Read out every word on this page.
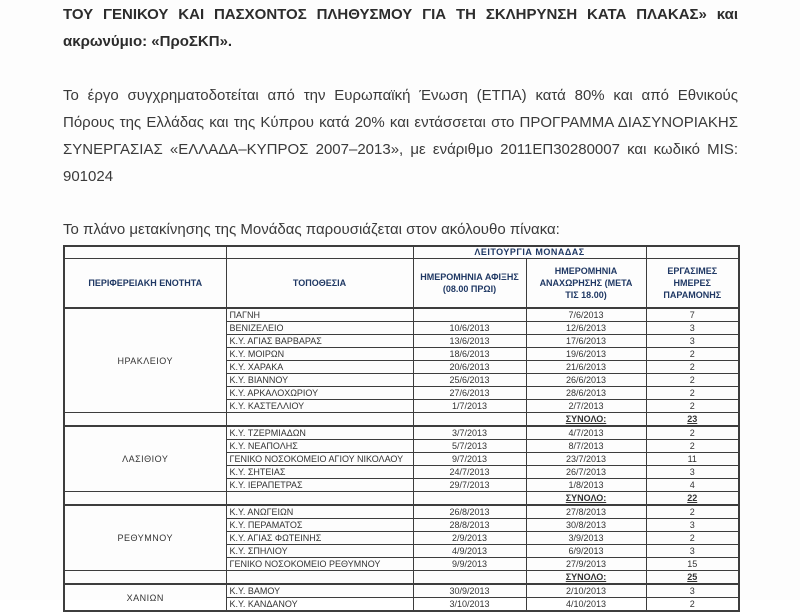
ΤΟΥ ΓΕΝΙΚΟΥ ΚΑΙ ΠΑΣΧΟΝΤΟΣ ΠΛΗΘΥΣΜΟΥ ΓΙΑ ΤΗ ΣΚΛΗΡΥΝΣΗ ΚΑΤΑ ΠΛΑΚΑΣ» και ακρωνύμιο: «ΠροΣΚΠ».

Το έργο συγχρηματοδοτείται από την Ευρωπαϊκή Ένωση (ΕΤΠΑ) κατά 80% και από Εθνικούς Πόρους της Ελλάδας και της Κύπρου κατά 20% και εντάσσεται στο ΠΡΟΓΡΑΜΜΑ ΔΙΑΣΥΝΟΡΙΑΚΗΣ ΣΥΝΕΡΓΑΣΙΑΣ «ΕΛΛΑΔΑ–ΚΥΠΡΟΣ 2007–2013», με ενάριθμο 2011ΕΠ30280007 και κωδικό MIS: 901024

Το πλάνο μετακίνησης της Μονάδας παρουσιάζεται στον ακόλουθο πίνακα:

		ΛΕΙΤΟΥΡΓΙΑ ΜΟΝΑΔΑΣ		
ΠΕΡΙΦΕΡΕΙΑΚΗ ΕΝΟΤΗΤΑ	ΤΟΠΟΘΕΣΙΑ	ΗΜΕΡΟΜΗΝΙΑ ΑΦΙΞΗΣ (08.00 ΠΡΩΙ)	ΗΜΕΡΟΜΗΝΙΑ ΑΝΑΧΩΡΗΣΗΣ (ΜΕΤΑ ΤΙΣ 18.00)	ΕΡΓΑΣΙΜΕΣ ΗΜΕΡΕΣ ΠΑΡΑΜΟΝΗΣ
ΗΡΑΚΛΕΙΟΥ	ΠΑΓΝΗ		7/6/2013	7
	ΒΕΝΙΖΕΛΕΙΟ	10/6/2013	12/6/2013	3
	Κ.Υ. ΑΓΙΑΣ ΒΑΡΒΑΡΑΣ	13/6/2013	17/6/2013	3
	Κ.Υ. ΜΟΙΡΩΝ	18/6/2013	19/6/2013	2
	Κ.Υ. ΧΑΡΑΚΑ	20/6/2013	21/6/2013	2
	Κ.Υ. ΒΙΑΝΝΟΥ	25/6/2013	26/6/2013	2
	Κ.Υ. ΑΡΚΑΛΟΧΩΡΙΟΥ	27/6/2013	28/6/2013	2
	Κ.Υ. ΚΑΣΤΕΛΛΙΟΥ	1/7/2013	2/7/2013	2
			ΣΥΝΟΛΟ:	23
ΛΑΣΙΘΙΟΥ	Κ.Υ. ΤΖΕΡΜΙΑΔΩΝ	3/7/2013	4/7/2013	2
	Κ.Υ. ΝΕΑΠΟΛΗΣ	5/7/2013	8/7/2013	2
	ΓΕΝΙΚΟ ΝΟΣΟΚΟΜΕΙΟ ΑΓΙΟΥ ΝΙΚΟΛΑΟΥ	9/7/2013	23/7/2013	11
	Κ.Υ. ΣΗΤΕΙΑΣ	24/7/2013	26/7/2013	3
	Κ.Υ. ΙΕΡΑΠΕΤΡΑΣ	29/7/2013	1/8/2013	4
			ΣΥΝΟΛΟ:	22
ΡΕΘΥΜΝΟΥ	Κ.Υ. ΑΝΩΓΕΙΩΝ	26/8/2013	27/8/2013	2
	Κ.Υ. ΠΕΡΑΜΑΤΟΣ	28/8/2013	30/8/2013	3
	Κ.Υ. ΑΓΙΑΣ ΦΩΤΕΙΝΗΣ	2/9/2013	3/9/2013	2
	Κ.Υ. ΣΠΗΛΙΟΥ	4/9/2013	6/9/2013	3
	ΓΕΝΙΚΟ ΝΟΣΟΚΟΜΕΙΟ ΡΕΘΥΜΝΟΥ	9/9/2013	27/9/2013	15
			ΣΥΝΟΛΟ:	25
ΧΑΝΙΩΝ	Κ.Υ. ΒΑΜΟΥ	30/9/2013	2/10/2013	3
	Κ.Υ. ΚΑΝΔΑΝΟΥ	3/10/2013	4/10/2013	2
